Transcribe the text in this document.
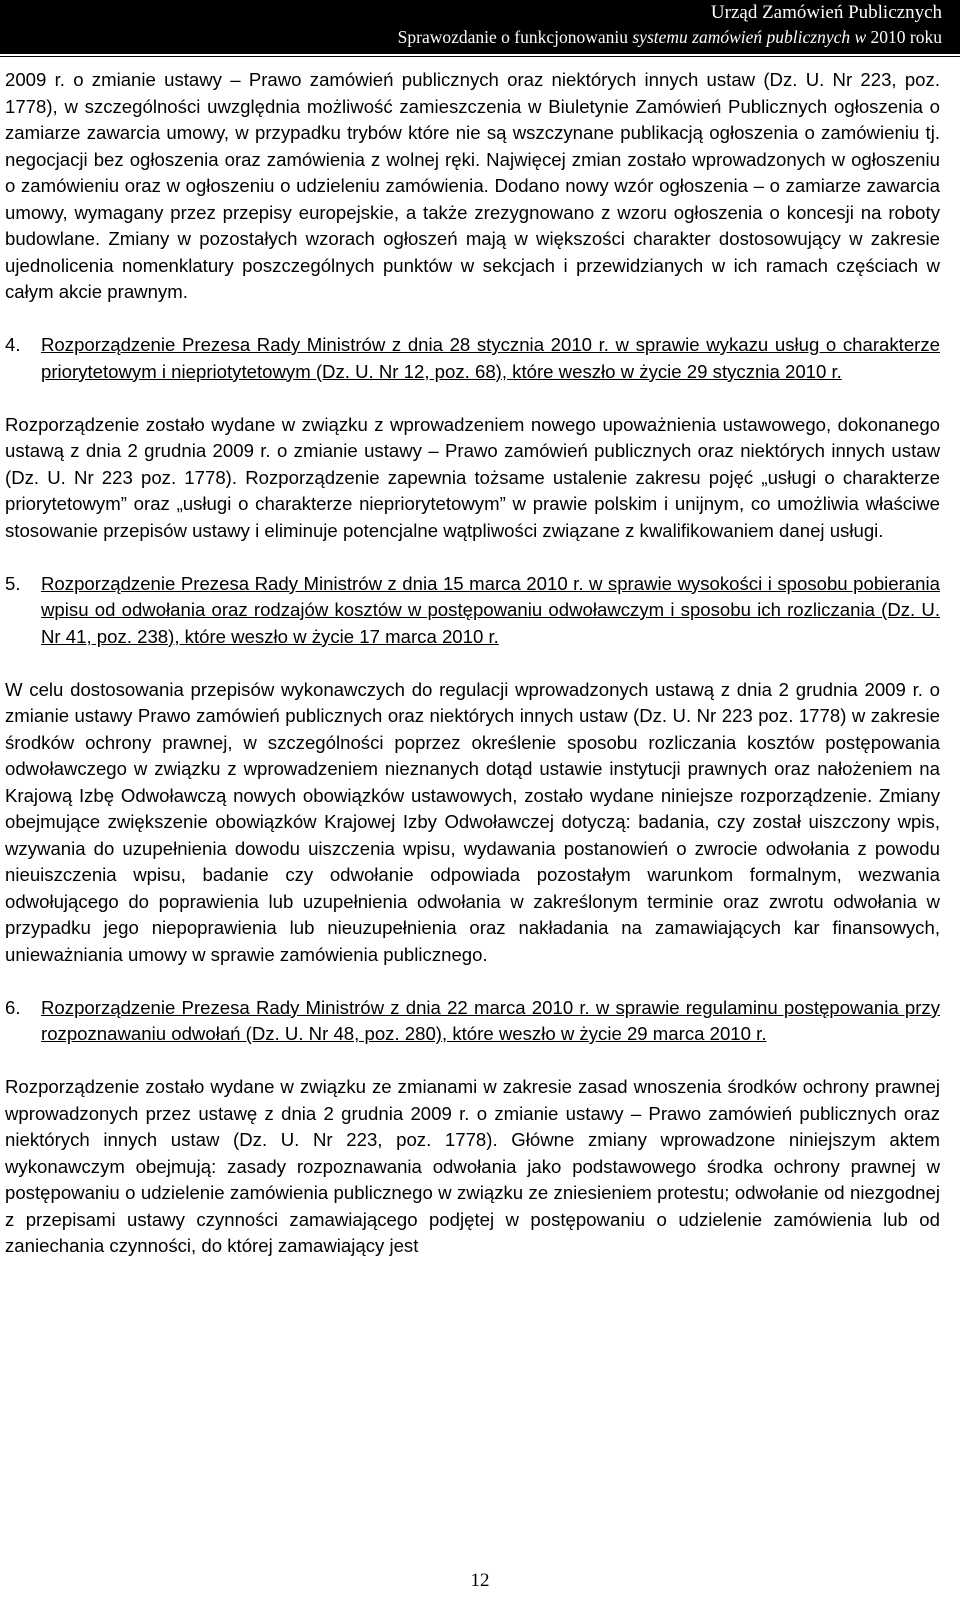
Urząd Zamówień Publicznych
Sprawozdanie o funkcjonowaniu systemu zamówień publicznych w 2010 roku

2009 r. o zmianie ustawy – Prawo zamówień publicznych oraz niektórych innych ustaw (Dz. U. Nr 223, poz. 1778), w szczególności uwzględnia możliwość zamieszczenia w Biuletynie Zamówień Publicznych ogłoszenia o zamiarze zawarcia umowy, w przypadku trybów które nie są wszczynane publikacją ogłoszenia o zamówieniu tj. negocjacji bez ogłoszenia oraz zamówienia z wolnej ręki. Najwięcej zmian zostało wprowadzonych w ogłoszeniu o zamówieniu oraz w ogłoszeniu o udzieleniu zamówienia. Dodano nowy wzór ogłoszenia – o zamiarze zawarcia umowy, wymagany przez przepisy europejskie, a także zrezygnowano z wzoru ogłoszenia o koncesji na roboty budowlane. Zmiany w pozostałych wzorach ogłoszeń mają w większości charakter dostosowujący w zakresie ujednolicenia nomenklatury poszczególnych punktów w sekcjach i przewidzianych w ich ramach częściach w całym akcie prawnym.

4.	Rozporządzenie Prezesa Rady Ministrów z dnia 28 stycznia 2010 r. w sprawie wykazu usług o charakterze priorytetowym i niepriotytetowym (Dz. U. Nr 12, poz. 68), które weszło w życie 29 stycznia 2010 r.

Rozporządzenie zostało wydane w związku z wprowadzeniem nowego upoważnienia ustawowego, dokonanego ustawą z dnia 2 grudnia 2009 r. o zmianie ustawy – Prawo zamówień publicznych oraz niektórych innych ustaw (Dz. U. Nr 223 poz. 1778). Rozporządzenie zapewnia tożsame ustalenie zakresu pojęć „usługi o charakterze priorytetowym” oraz „usługi o charakterze niepriorytetowym” w prawie polskim i unijnym, co umożliwia właściwe stosowanie przepisów ustawy i eliminuje potencjalne wątpliwości związane z kwalifikowaniem danej usługi.

5.	Rozporządzenie Prezesa Rady Ministrów z dnia 15 marca 2010 r. w sprawie wysokości i sposobu pobierania wpisu od odwołania oraz rodzajów kosztów w postępowaniu odwoławczym i sposobu ich rozliczania (Dz. U. Nr 41, poz. 238), które weszło w życie 17 marca 2010 r.

W celu dostosowania przepisów wykonawczych do regulacji wprowadzonych ustawą z dnia 2 grudnia 2009 r. o zmianie ustawy Prawo zamówień publicznych oraz niektórych innych ustaw (Dz. U. Nr 223 poz. 1778) w zakresie środków ochrony prawnej, w szczególności poprzez określenie sposobu rozliczania kosztów postępowania odwoławczego w związku z wprowadzeniem nieznanych dotąd ustawie instytucji prawnych oraz nałożeniem na Krajową Izbę Odwoławczą nowych obowiązków ustawowych, zostało wydane niniejsze rozporządzenie. Zmiany obejmujące zwiększenie obowiązków Krajowej Izby Odwoławczej dotyczą: badania, czy został uiszczony wpis, wzywania do uzupełnienia dowodu uiszczenia wpisu, wydawania postanowień o zwrocie odwołania z powodu nieuiszczenia wpisu, badanie czy odwołanie odpowiada pozostałym warunkom formalnym, wezwania odwołującego do poprawienia lub uzupełnienia odwołania w zakreślonym terminie oraz zwrotu odwołania w przypadku jego niepoprawienia lub nieuzupełnienia oraz nakładania na zamawiających kar finansowych, unieważniania umowy w sprawie zamówienia publicznego.

6.	Rozporządzenie Prezesa Rady Ministrów z dnia 22 marca 2010 r. w sprawie regulaminu postępowania przy rozpoznawaniu odwołań (Dz. U. Nr 48, poz. 280), które weszło w życie 29 marca 2010 r.

Rozporządzenie zostało wydane w związku ze zmianami w zakresie zasad wnoszenia środków ochrony prawnej wprowadzonych przez ustawę z dnia 2 grudnia 2009 r. o zmianie ustawy – Prawo zamówień publicznych oraz niektórych innych ustaw (Dz. U. Nr 223, poz. 1778). Główne zmiany wprowadzone niniejszym aktem wykonawczym obejmują: zasady rozpoznawania odwołania jako podstawowego środka ochrony prawnej w postępowaniu o udzielenie zamówienia publicznego w związku ze zniesieniem protestu; odwołanie od niezgodnej z przepisami ustawy czynności zamawiającego podjętej w postępowaniu o udzielenie zamówienia lub od zaniechania czynności, do której zamawiający jest

12
